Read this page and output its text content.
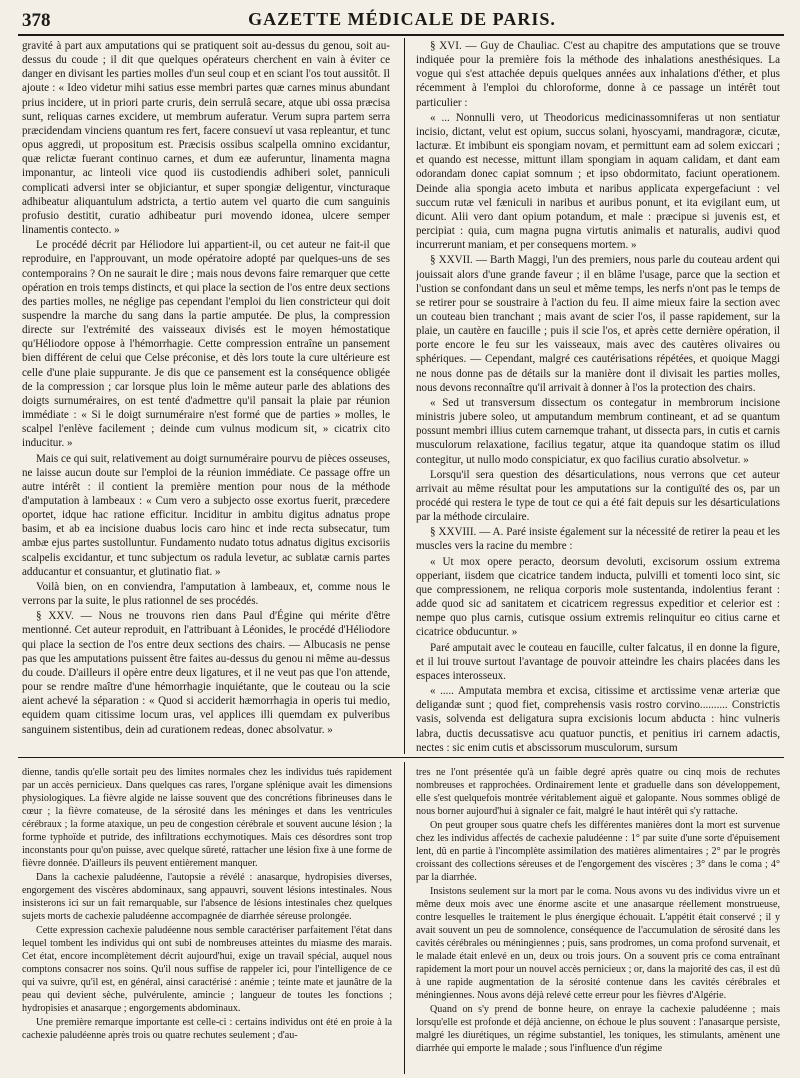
378	GAZETTE MÉDICALE DE PARIS.

gravité à part aux amputations qui se pratiquent soit au-dessus du genou, soit au-dessus du coude ; il dit que quelques opérateurs cherchent en vain à éviter ce danger en divisant les parties molles d'un seul coup et en sciant l'os tout aussitôt. Il ajoute : « Ideo videtur mihi satius esse membri partes quæ carnes minus abundant prius incidere, ut in priori parte cruris, dein serrulâ secare, atque ubi ossa præcisa sunt, reliquas carnes excidere, ut membrum auferatur. Verum supra partem serra præcidendam vinciens quantum res fert, facere consueví ut vasa repleantur, et tunc opus aggredi, ut propositum est. Præcisis ossibus scalpella omnino excidantur, quæ relictæ fuerant continuo carnes, et dum eæ auferuntur, linamenta magna imponantur, ac linteoli vice quod iis custodiendis adhiberi solet, panniculi complicati adversi inter se objiciantur, et super spongiæ deligentur, vincturaque adhibeatur aliquantulum adstricta, a tertio autem vel quarto die cum sanguinis profusio destitit, curatio adhibeatur puri movendo idonea, ulcere semper linamentis contecto. »

Le procédé décrit par Héliodore lui appartient-il, ou cet auteur ne fait-il que reproduire, en l'approuvant, un mode opératoire adopté par quelques-uns de ses contemporains ? On ne saurait le dire ; mais nous devons faire remarquer que cette opération en trois temps distincts, et qui place la section de l'os entre deux sections des parties molles, ne néglige pas cependant l'emploi du lien constricteur qui doit suspendre la marche du sang dans la partie amputée. De plus, la compression directe sur l'extrémité des vaisseaux divisés est le moyen hémostatique qu'Héliodore oppose à l'hémorrhagie. Cette compression entraîne un pansement bien différent de celui que Celse préconise, et dès lors toute la cure ultérieure est celle d'une plaie suppurante. Je dis que ce pansement est la conséquence obligée de la compression ; car lorsque plus loin le même auteur parle des ablations des doigts surnuméraires, on est tenté d'admettre qu'il pansait la plaie par réunion immédiate : « Si le doigt surnuméraire n'est formé que de parties » molles, le scalpel l'enlève facilement ; deinde cum vulnus modicum sit, » cicatrix cito inducitur. »

Mais ce qui suit, relativement au doigt surnuméraire pourvu de pièces osseuses, ne laisse aucun doute sur l'emploi de la réunion immédiate. Ce passage offre un autre intérêt : il contient la première mention pour nous de la méthode d'amputation à lambeaux : « Cum vero a subjecto osse exortus fuerit, præcedere oportet, idque hac ratione efficitur. Inciditur in ambitu digitus adnatus prope basim, et ab ea incisione duabus locis caro hinc et inde recta subsecatur, tum ambæ ejus partes sustolluntur. Fundamento nudato totus adnatus digitus excisoriis scalpelis excidantur, et tunc subjectum os radula levetur, ac sublatæ carnis partes adducantur et consuantur, et glutinatio fiat. »

Voilà bien, on en conviendra, l'amputation à lambeaux, et, comme nous le verrons par la suite, le plus rationnel de ses procédés.

§ XXV. — Nous ne trouvons rien dans Paul d'Égine qui mérite d'être mentionné. Cet auteur reproduit, en l'attribuant à Léonides, le procédé d'Héliodore qui place la section de l'os entre deux sections des chairs. — Albucasis ne pense pas que les amputations puissent être faites au-dessus du genou ni même au-dessus du coude. D'ailleurs il opère entre deux ligatures, et il ne veut pas que l'on attende, pour se rendre maître d'une hémorrhagie inquiétante, que le couteau ou la scie aient achevé la séparation : « Quod si acciderit hæmorrhagia in operis tui medio, equidem quam citissime locum uras, vel applices illi quemdam ex pulveribus sanguinem sistentibus, dein ad curationem redeas, donec absolvatur. »

§ XVI. — Guy de Chauliac. C'est au chapitre des amputations que se trouve indiquée pour la première fois la méthode des inhalations anesthésiques. La vogue qui s'est attachée depuis quelques années aux inhalations d'éther, et plus récemment à l'emploi du chloroforme, donne à ce passage un intérêt tout particulier :

« ... Nonnulli vero, ut Theodoricus medicinassomniferas ut non sentiatur incisio, dictant, velut est opium, succus solani, hyoscyami, mandragoræ, cicutæ, lacturæ. Et imbibunt eis spongiam novam, et permittunt eam ad solem exiccari ; et quando est necesse, mittunt illam spongiam in aquam calidam, et dant eam odorandam donec capiat somnum ; et ipso obdormitato, faciunt operationem. Deinde alia spongia aceto imbuta et naribus applicata expergefaciunt : vel succum rutæ vel fæniculi in naribus et auribus ponunt, et ita evigilant eum, ut dicunt. Alii vero dant opium potandum, et male : præcipue si juvenis est, et percipiat : quia, cum magna pugna virtutis animalis et naturalis, audivi quod incurrerunt maniam, et per consequens mortem. »

§ XXVII. — Barth Maggi, l'un des premiers, nous parle du couteau ardent qui jouissait alors d'une grande faveur ; il en blâme l'usage, parce que la section et l'ustion se confondant dans un seul et même temps, les nerfs n'ont pas le temps de se retirer pour se soustraire à l'action du feu. Il aime mieux faire la section avec un couteau bien tranchant ; mais avant de scier l'os, il passe rapidement, sur la plaie, un cautère en faucille ; puis il scie l'os, et après cette dernière opération, il porte encore le feu sur les vaisseaux, mais avec des cautères olivaires ou sphériques. — Cependant, malgré ces cautérisations répétées, et quoique Maggi ne nous donne pas de détails sur la manière dont il divisait les parties molles, nous devons reconnaître qu'il arrivait à donner à l'os la protection des chairs.

« Sed ut transversum dissectum os contegatur in membrorum incisione ministris jubere soleo, ut amputandum membrum contineant, et ad se quantum possunt membri illius cutem carnemque trahant, ut dissecta pars, in cutis et carnis musculorum relaxatione, facilius tegatur, atque ita quandoque statim os illud contegitur, ut nullo modo conspiciatur, ex quo facilius curatio absolvetur. »

Lorsqu'il sera question des désarticulations, nous verrons que cet auteur arrivait au même résultat pour les amputations sur la contiguïté des os, par un procédé qui restera le type de tout ce qui a été fait depuis sur les désarticulations par la méthode circulaire.

§ XXVIII. — A. Paré insiste également sur la nécessité de retirer la peau et les muscles vers la racine du membre :

« Ut mox opere peracto, deorsum devoluti, excisorum ossium extrema opperiant, iisdem que cicatrice tandem inducta, pulvilli et tomenti loco sint, sic que compressionem, ne reliqua corporis mole sustentanda, indolentius ferant : adde quod sic ad sanitatem et cicatricem regressus expeditior et celerior est : nempe quo plus carnis, cutisque ossium extremis relinquitur eo citius carne et cicatrice obducuntur. »

Paré amputait avec le couteau en faucille, culter falcatus, il en donne la figure, et il lui trouve surtout l'avantage de pouvoir atteindre les chairs placées dans les espaces interosseux.

« ..... Amputata membra et excisa, citissime et arctissime venæ arteriæ que deligandæ sunt ; quod fiet, comprehensis vasis rostro corvino.......... Constrictis vasis, solvenda est deligatura supra excisionis locum abducta : hinc vulneris labra, ductis decussatisve acu quatuor punctis, et penitius iri carnem adactis, nectes : sic enim cutis et abscissorum musculorum, sursum

dienne, tandis qu'elle sortait peu des limites normales chez les individus tués rapidement par un accès pernicieux. Dans quelques cas rares, l'organe splénique avait les dimensions physiologiques. La fièvre algide ne laisse souvent que des concrétions fibrineuses dans le cœur ; la fièvre comateuse, de la sérosité dans les méninges et dans les ventricules cérébraux ; la forme ataxique, un peu de congestion cérébrale et souvent aucune lésion ; la forme typhoïde et putride, des infiltrations ecchymotiques. Mais ces désordres sont trop inconstants pour qu'on puisse, avec quelque sûreté, rattacher une lésion fixe à une forme de fièvre donnée. D'ailleurs ils peuvent entièrement manquer.

Dans la cachexie paludéenne, l'autopsie a révélé : anasarque, hydropisies diverses, engorgement des viscères abdominaux, sang appauvri, souvent lésions intestinales. Nous insisterons ici sur un fait remarquable, sur l'absence de lésions intestinales chez quelques sujets morts de cachexie paludéenne accompagnée de diarrhée séreuse prolongée.

Cette expression cachexie paludéenne nous semble caractériser parfaitement l'état dans lequel tombent les individus qui ont subi de nombreuses atteintes du miasme des marais. Cet état, encore incomplètement décrit aujourd'hui, exige un travail spécial, auquel nous comptons consacrer nos soins. Qu'il nous suffise de rappeler ici, pour l'intelligence de ce qui va suivre, qu'il est, en général, ainsi caractérisé : anémie ; teinte mate et jaunâtre de la peau qui devient sèche, pulvérulente, amincie ; langueur de toutes les fonctions ; hydropisies et anasarque ; engorgements abdominaux.

Une première remarque importante est celle-ci : certains individus ont été en proie à la cachexie paludéenne après trois ou quatre rechutes seulement ; d'au-

tres ne l'ont présentée qu'à un faible degré après quatre ou cinq mois de rechutes nombreuses et rapprochées. Ordinairement lente et graduelle dans son développement, elle s'est quelquefois montrée véritablement aiguë et galopante. Nous sommes obligé de nous borner aujourd'hui à signaler ce fait, malgré le haut intérêt qui s'y rattache.

On peut grouper sous quatre chefs les différentes manières dont la mort est survenue chez les individus affectés de cachexie paludéenne : 1° par suite d'une sorte d'épuisement lent, dû en partie à l'incomplète assimilation des matières alimentaires ; 2° par le progrès croissant des collections séreuses et de l'engorgement des viscères ; 3° dans le coma ; 4° par la diarrhée.

Insistons seulement sur la mort par le coma. Nous avons vu des individus vivre un et même deux mois avec une énorme ascite et une anasarque réellement monstrueuse, contre lesquelles le traitement le plus énergique échouait. L'appétit était conservé ; il y avait souvent un peu de somnolence, conséquence de l'accumulation de sérosité dans les cavités cérébrales ou méningiennes ; puis, sans prodromes, un coma profond survenait, et le malade était enlevé en un, deux ou trois jours. On a souvent pris ce coma entraînant rapidement la mort pour un nouvel accès pernicieux ; or, dans la majorité des cas, il est dû à une rapide augmentation de la sérosité contenue dans les cavités cérébrales et méningiennes. Nous avons déjà relevé cette erreur pour les fièvres d'Algérie.

Quand on s'y prend de bonne heure, on enraye la cachexie paludéenne ; mais lorsqu'elle est profonde et déjà ancienne, on échoue le plus souvent : l'anasarque persiste, malgré les diurétiques, un régime substantiel, les toniques, les stimulants, amènent une diarrhée qui emporte le malade ; sous l'influence d'un régime
